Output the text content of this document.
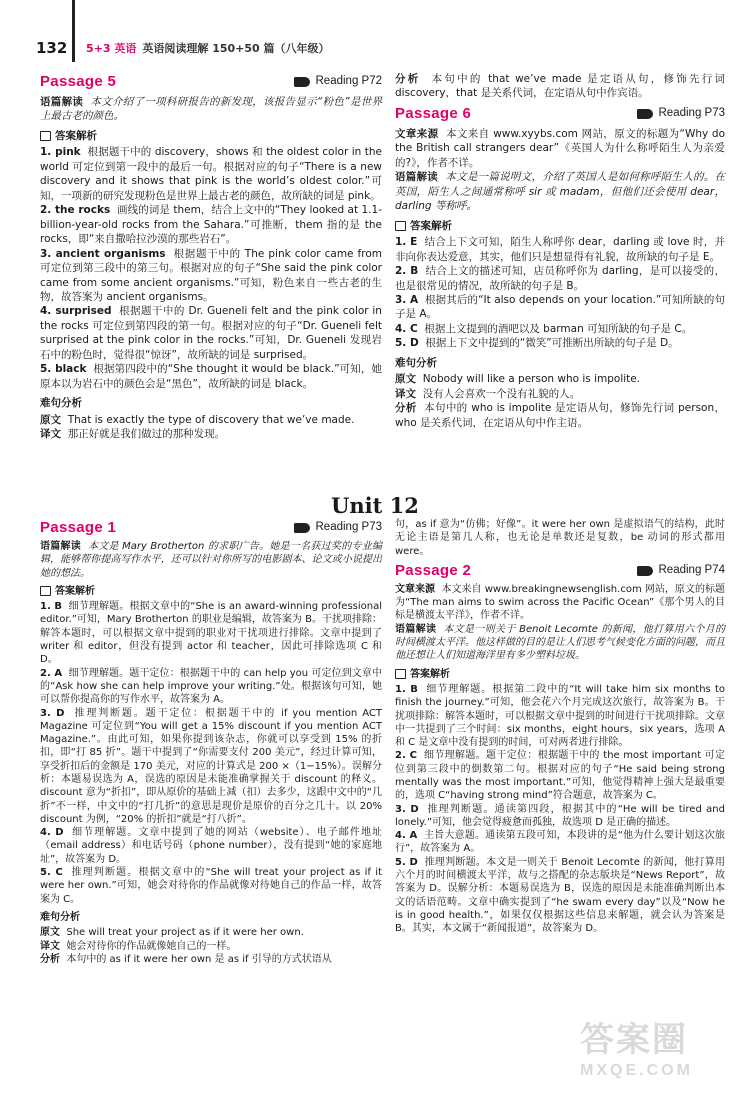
132 5+3 英语 英语阅读理解 150+50 篇（八年级）
Passage 5	Reading P72

语篇解读 本文介绍了一项科研报告的新发现，该报告显示“粉色”是世界上最古老的颜色。

答案解析

1. pink 根据题干中的 discovery，shows 和 the oldest color in the world 可定位到第一段中的最后一句。根据对应的句子“There is a new discovery and it shows that pink is the world’s oldest color.”可知，一项新的研究发现粉色是世界上最古老的颜色，故所缺的词是 pink。

2. the rocks 画线的词是 them，结合上文中的“They looked at 1.1-billion-year-old rocks from the Sahara.”可推断，them 指的是 the rocks，即“来自撒哈拉沙漠的那些岩石”。

3. ancient organisms 根据题干中的 The pink color came from 可定位到第三段中的第三句。根据对应的句子“She said the pink color came from some ancient organisms.”可知，粉色来自一些古老的生物，故答案为 ancient organisms。

4. surprised 根据题干中的 Dr. Gueneli felt and the pink color in the rocks 可定位到第四段的第一句。根据对应的句子“Dr. Gueneli felt surprised at the pink color in the rocks.”可知，Dr. Gueneli 发现岩石中的粉色时，觉得很“惊讶”，故所缺的词是 surprised。

5. black 根据第四段中的“She thought it would be black.”可知，她原本以为岩石中的颜色会是“黑色”，故所缺的词是 black。

难句分析

原文 That is exactly the type of discovery that we’ve made.

译文 那正好就是我们做过的那种发现。

分析 本句中的 that we’ve made 是定语从句，修饰先行词 discovery，that 是关系代词，在定语从句中作宾语。

Passage 6	Reading P73

文章来源 本文来自 www.xyybs.com 网站，原文的标题为“Why do the British call strangers dear”《英国人为什么称呼陌生人为亲爱的?》，作者不详。

语篇解读 本文是一篇说明文，介绍了英国人是如何称呼陌生人的。在英国，陌生人之间通常称呼 sir 或 madam，但他们还会使用 dear，darling 等称呼。

答案解析

1. E 结合上下文可知，陌生人称呼你 dear，darling 或 love 时，并非向你表达爱意，其实，他们只是想显得有礼貌，故所缺的句子是 E。

2. B 结合上文的描述可知，店员称呼你为 darling，是可以接受的，也是很常见的情况，故所缺的句子是 B。

3. A 根据其后的“It also depends on your location.”可知所缺的句子是 A。

4. C 根据上文提到的酒吧以及 barman 可知所缺的句子是 C。

5. D 根据上下文中提到的“微笑”可推断出所缺的句子是 D。

难句分析

原文 Nobody will like a person who is impolite.

译文 没有人会喜欢一个没有礼貌的人。

分析 本句中的 who is impolite 是定语从句，修饰先行词 person，who 是关系代词，在定语从句中作主语。

Unit 12
Passage 1	Reading P73

语篇解读 本文是 Mary Brotherton 的求职广告。她是一名获过奖的专业编辑，能够帮你提高写作水平，还可以针对你所写的电影剧本、论文或小说提出她的想法。

答案解析

1. B 细节理解题。根据文章中的“She is an award-winning professional editor.”可知，Mary Brotherton 的职业是编辑，故答案为 B。干扰项排除：解答本题时，可以根据文章中提到的职业对干扰项进行排除。文章中提到了 writer 和 editor，但没有提到 actor 和 teacher，因此可排除选项 C 和 D。

2. A 细节理解题。题干定位：根据题干中的 can help you 可定位到文章中的“Ask how she can help improve your writing.”处。根据该句可知，她可以帮你提高你的写作水平，故答案为 A。

3. D 推理判断题。题干定位：根据题干中的 if you mention ACT Magazine 可定位到“You will get a 15% discount if you mention ACT Magazine.”。由此可知，如果你提到该杂志，你就可以享受到 15% 的折扣，即“打 85 折”。题干中提到了“你需要支付 200 美元”，经过计算可知，享受折扣后的金额是 170 美元，对应的计算式是 200 ×（1−15%）。误解分析：本题易误选为 A，误选的原因是未能准确掌握关于 discount 的释义。discount 意为“折扣”，即从原价的基础上减（扣）去多少，这跟中文中的“几折”不一样，中文中的“打几折”的意思是现价是原价的百分之几十。以 20% discount 为例，“20% 的折扣”就是“打八折”。

4. D 细节理解题。文章中提到了她的网站（website）、电子邮件地址（email address）和电话号码（phone number），没有提到“她的家庭地址”，故答案为 D。

5. C 推理判断题。根据文章中的“She will treat your project as if it were her own.”可知，她会对待你的作品就像对待她自己的作品一样，故答案为 C。

难句分析

原文 She will treat your project as if it were her own.

译文 她会对待你的作品就像她自己的一样。

分析 本句中的 as if it were her own 是 as if 引导的方式状语从

句，as if 意为“仿佛；好像”。it were her own 是虚拟语气的结构，此时无论主语是第几人称，也无论是单数还是复数，be 动词的形式都用 were。

Passage 2	Reading P74

文章来源 本文来自 www.breakingnewsenglish.com 网站，原文的标题为“The man aims to swim across the Pacific Ocean”《那个男人的目标是横渡太平洋》，作者不详。

语篇解读 本文是一则关于 Benoit Lecomte 的新闻，他打算用六个月的时间横渡太平洋。他这样做的目的是让人们思考气候变化方面的问题，而且他还想让人们知道海洋里有多少塑料垃圾。

答案解析

1. B 细节理解题。根据第二段中的“It will take him six months to finish the journey.”可知，他会花六个月完成这次旅行，故答案为 B。干扰项排除：解答本题时，可以根据文章中提到的时间进行干扰项排除。文章中一共提到了三个时间：six months，eight hours，six years，选项 A 和 C 是文章中没有提到的时间，可对两者进行排除。

2. C 细节理解题。题干定位：根据题干中的 the most important 可定位到第三段中的倒数第二句。根据对应的句子“He said being strong mentally was the most important.”可知，他觉得精神上强大是最重要的，选项 C“having strong mind”符合题意，故答案为 C。

3. D 推理判断题。通读第四段，根据其中的“He will be tired and lonely.”可知，他会觉得疲惫而孤独，故选项 D 是正确的描述。

4. A 主旨大意题。通读第五段可知，本段讲的是“他为什么要计划这次旅行”，故答案为 A。

5. D 推理判断题。本文是一则关于 Benoit Lecomte 的新闻，他打算用六个月的时间横渡太平洋，故与之搭配的杂志版块是“News Report”，故答案为 D。误解分析：本题易误选为 B，误选的原因是未能准确判断出本文的话语范畴。文章中确实提到了“he swam every day”以及“Now he is in good health.”，如果仅仅根据这些信息来解题，就会认为答案是 B。其实，本文属于“新闻报道”，故答案为 D。

答案圈
MXQE.COM
